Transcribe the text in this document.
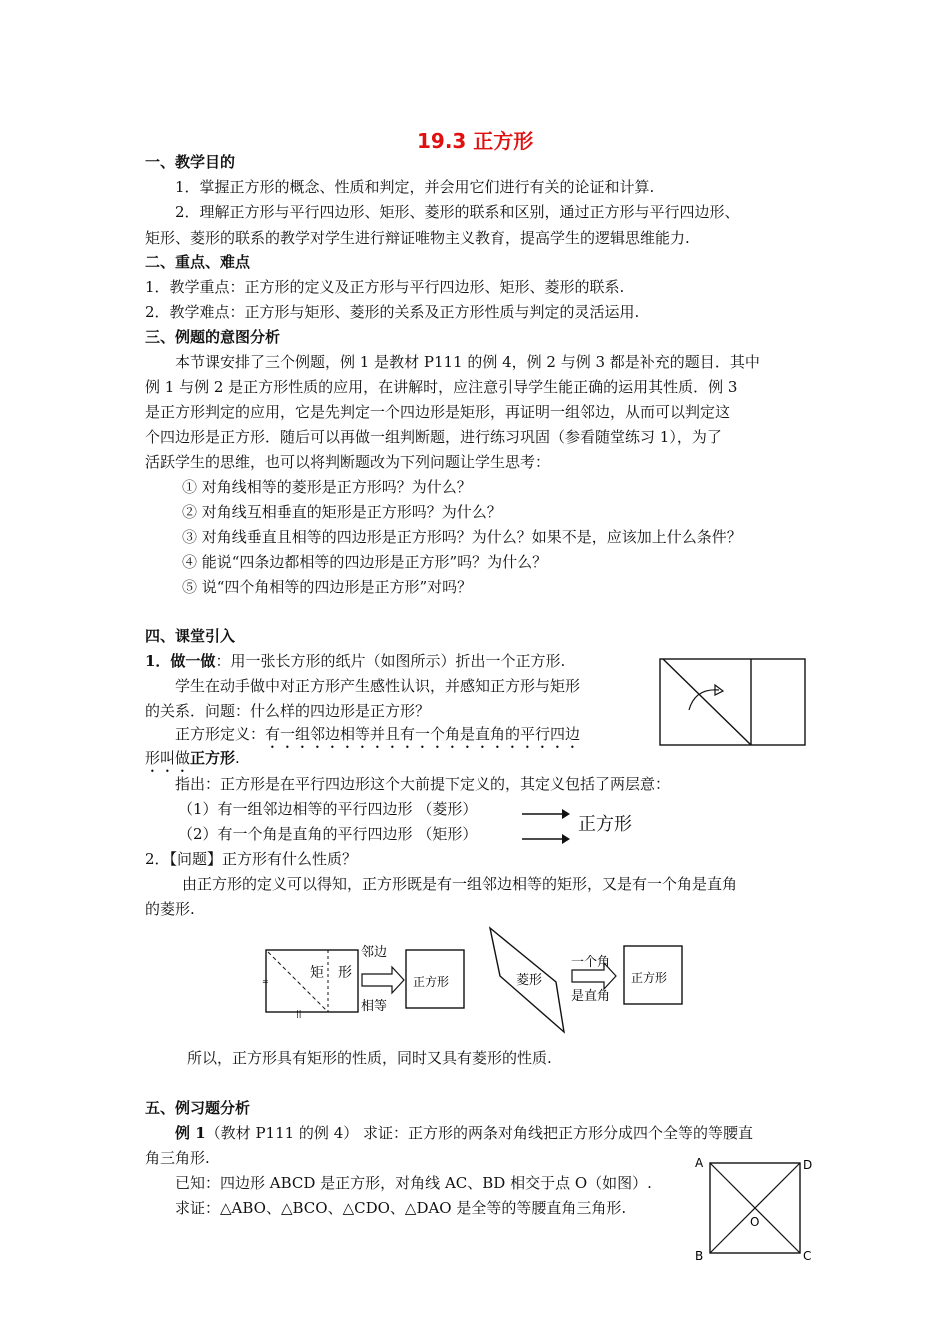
19.3 正方形
一、教学目的
1．掌握正方形的概念、性质和判定，并会用它们进行有关的论证和计算.
2．理解正方形与平行四边形、矩形、菱形的联系和区别，通过正方形与平行四边形、
矩形、菱形的联系的教学对学生进行辩证唯物主义教育，提高学生的逻辑思维能力.
二、重点、难点
1．教学重点：正方形的定义及正方形与平行四边形、矩形、菱形的联系.
2．教学难点：正方形与矩形、菱形的关系及正方形性质与判定的灵活运用.
三、例题的意图分析
本节课安排了三个例题，例 1 是教材 P111 的例 4，例 2 与例 3 都是补充的题目．其中
例 1 与例 2 是正方形性质的应用，在讲解时，应注意引导学生能正确的运用其性质．例 3
是正方形判定的应用，它是先判定一个四边形是矩形，再证明一组邻边，从而可以判定这
个四边形是正方形．随后可以再做一组判断题，进行练习巩固（参看随堂练习 1），为了
活跃学生的思维，也可以将判断题改为下列问题让学生思考：
① 对角线相等的菱形是正方形吗？为什么？
② 对角线互相垂直的矩形是正方形吗？为什么？
③ 对角线垂直且相等的四边形是正方形吗？为什么？如果不是，应该加上什么条件？
④ 能说“四条边都相等的四边形是正方形”吗？为什么？
⑤ 说“四个角相等的四边形是正方形”对吗？
四、课堂引入
1．做一做：用一张长方形的纸片（如图所示）折出一个正方形.
学生在动手做中对正方形产生感性认识，并感知正方形与矩形
的关系．问题：什么样的四边形是正方形？
正方形定义：有一组邻边相等并且有一个角是直角的平行四边
形叫做正方形.
指出：正方形是在平行四边形这个大前提下定义的，其定义包括了两层意：
（1）有一组邻边相等的平行四边形 （菱形）
（2）有一个角是直角的平行四边形 （矩形）	正方形
2．【问题】正方形有什么性质？
由正方形的定义可以得知，正方形既是有一组邻边相等的矩形，又是有一个角是直角
的菱形.
=
||
矩 形
邻边
相等
正方形	菱形
一个角
是直角
正方形
所以，正方形具有矩形的性质，同时又具有菱形的性质.
五、例习题分析
例 1（教材 P111 的例 4） 求证：正方形的两条对角线把正方形分成四个全等的等腰直
角三角形.
已知：四边形 ABCD 是正方形，对角线 AC、BD 相交于点 O（如图）.
求证：△ABO、△BCO、△CDO、△DAO 是全等的等腰直角三角形.
A	D
B	C
O
